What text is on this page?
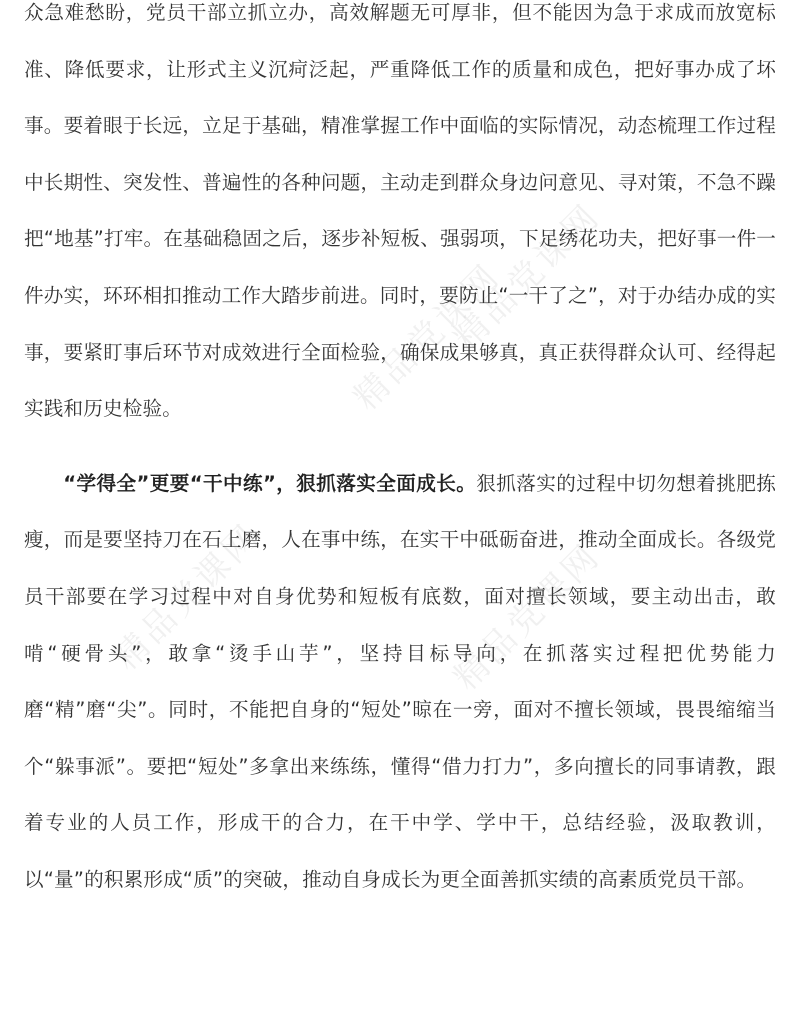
精品党课网
精品党课网
精品党课网	精品党课网

众急难愁盼，党员干部立抓立办，高效解题无可厚非，但不能因为急于求成而放宽标准、降低要求，让形式主义沉疴泛起，严重降低工作的质量和成色，把好事办成了坏事。要着眼于长远，立足于基础，精准掌握工作中面临的实际情况，动态梳理工作过程中长期性、突发性、普遍性的各种问题，主动走到群众身边问意见、寻对策，不急不躁把“地基”打牢。在基础稳固之后，逐步补短板、强弱项，下足绣花功夫，把好事一件一件办实，环环相扣推动工作大踏步前进。同时，要防止“一干了之”，对于办结办成的实事，要紧盯事后环节对成效进行全面检验，确保成果够真，真正获得群众认可、经得起实践和历史检验。

“学得全”更要“干中练”，狠抓落实全面成长。狠抓落实的过程中切勿想着挑肥拣瘦，而是要坚持刀在石上磨，人在事中练，在实干中砥砺奋进，推动全面成长。各级党员干部要在学习过程中对自身优势和短板有底数，面对擅长领域，要主动出击，敢啃“硬骨头”，敢拿“烫手山芋”，坚持目标导向，在抓落实过程把优势能力磨“精”磨“尖”。同时，不能把自身的“短处”晾在一旁，面对不擅长领域，畏畏缩缩当个“躲事派”。要把“短处”多拿出来练练，懂得“借力打力”，多向擅长的同事请教，跟着专业的人员工作，形成干的合力，在干中学、学中干，总结经验，汲取教训，以“量”的积累形成“质”的突破，推动自身成长为更全面善抓实绩的高素质党员干部。
